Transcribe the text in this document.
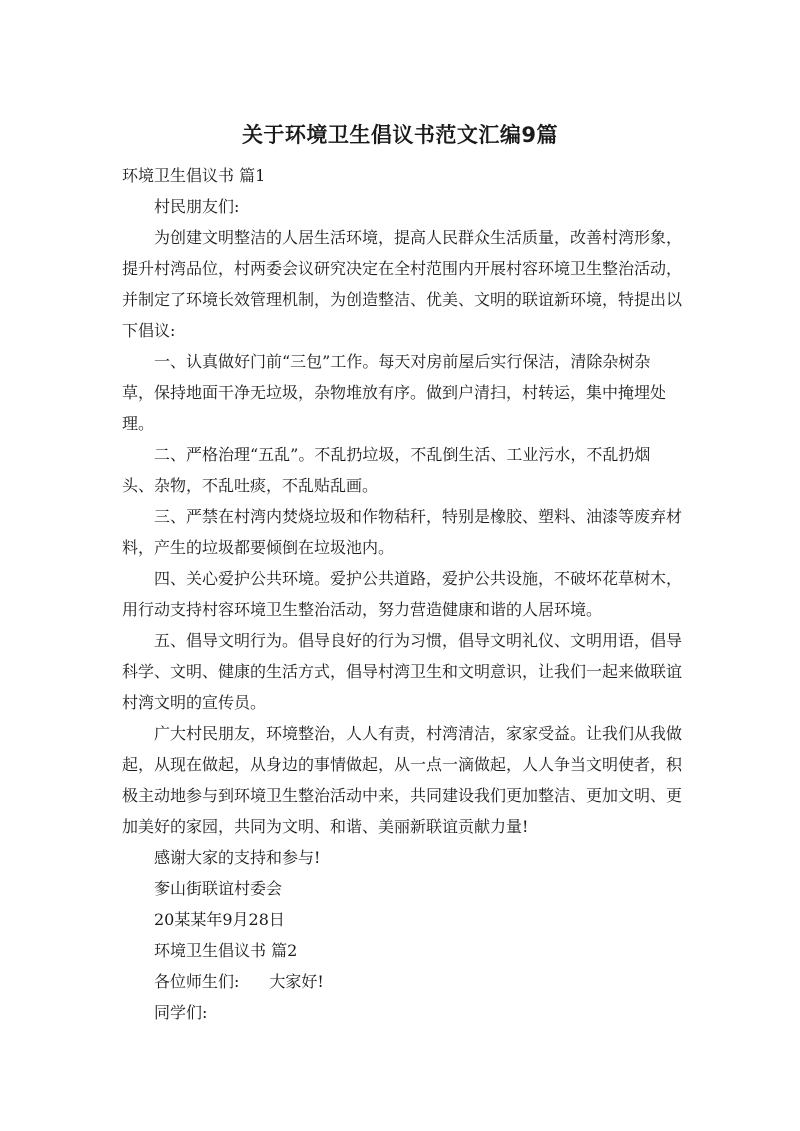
关于环境卫生倡议书范文汇编9篇

环境卫生倡议书 篇1

村民朋友们:

为创建文明整洁的人居生活环境，提高人民群众生活质量，改善村湾形象，提升村湾品位，村两委会议研究决定在全村范围内开展村容环境卫生整治活动，并制定了环境长效管理机制，为创造整洁、优美、文明的联谊新环境，特提出以下倡议:

一、认真做好门前“三包”工作。每天对房前屋后实行保洁，清除杂树杂草，保持地面干净无垃圾，杂物堆放有序。做到户清扫，村转运，集中掩埋处理。

二、严格治理“五乱”。不乱扔垃圾，不乱倒生活、工业污水，不乱扔烟头、杂物，不乱吐痰，不乱贴乱画。

三、严禁在村湾内焚烧垃圾和作物秸秆，特别是橡胶、塑料、油漆等废弃材料，产生的垃圾都要倾倒在垃圾池内。

四、关心爱护公共环境。爱护公共道路，爱护公共设施，不破坏花草树木，用行动支持村容环境卫生整治活动，努力营造健康和谐的人居环境。

五、倡导文明行为。倡导良好的行为习惯，倡导文明礼仪、文明用语，倡导科学、文明、健康的生活方式，倡导村湾卫生和文明意识，让我们一起来做联谊村湾文明的宣传员。

广大村民朋友，环境整治，人人有责，村湾清洁，家家受益。让我们从我做起，从现在做起，从身边的事情做起，从一点一滴做起，人人争当文明使者，积极主动地参与到环境卫生整治活动中来，共同建设我们更加整洁、更加文明、更加美好的家园，共同为文明、和谐、美丽新联谊贡献力量!

感谢大家的支持和参与!

奓山街联谊村委会

20某某年9月28日

环境卫生倡议书 篇2

各位师生们: 大家好!

同学们:
